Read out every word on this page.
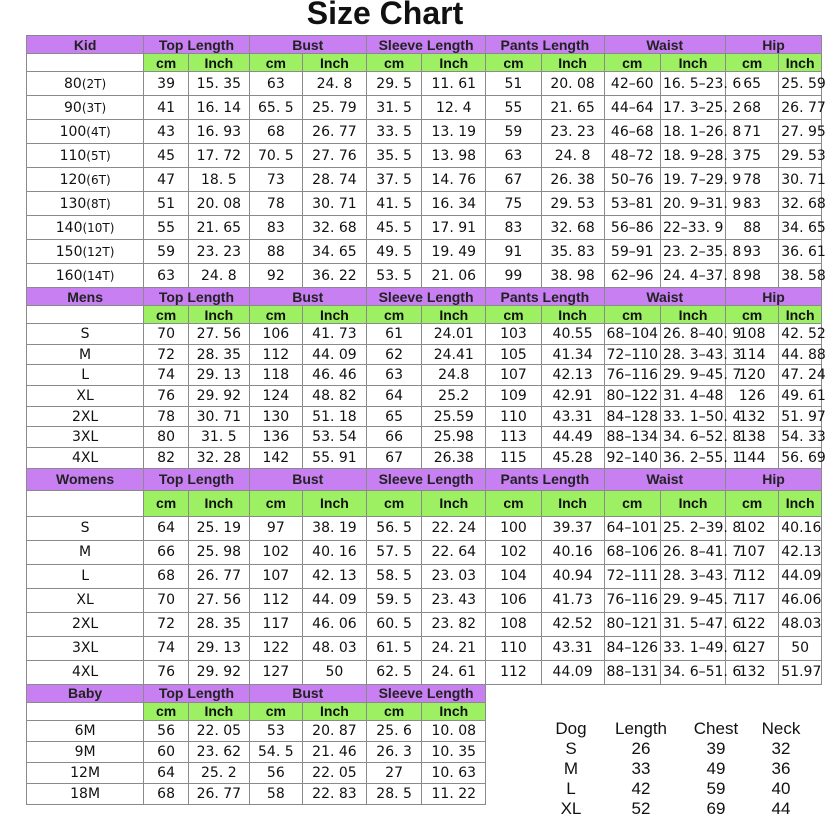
Size Chart
Kid	Top Length		Bust		Sleeve Length		Pants Length		Waist		Hip	
	cm	Inch	cm	Inch	cm	Inch	cm	Inch	cm	Inch	cm	Inch
80(2T)	39	15. 35	63	24. 8	29. 5	11. 61	51	20. 08	42–60	16. 5–23. 6	65	25. 59
90(3T)	41	16. 14	65. 5	25. 79	31. 5	12. 4	55	21. 65	44–64	17. 3–25. 2	68	26. 77
100(4T)	43	16. 93	68	26. 77	33. 5	13. 19	59	23. 23	46–68	18. 1–26. 8	71	27. 95
110(5T)	45	17. 72	70. 5	27. 76	35. 5	13. 98	63	24. 8	48–72	18. 9–28. 3	75	29. 53
120(6T)	47	18. 5	73	28. 74	37. 5	14. 76	67	26. 38	50–76	19. 7–29. 9	78	30. 71
130(8T)	51	20. 08	78	30. 71	41. 5	16. 34	75	29. 53	53–81	20. 9–31. 9	83	32. 68
140(10T)	55	21. 65	83	32. 68	45. 5	17. 91	83	32. 68	56–86	22–33. 9	88	34. 65
150(12T)	59	23. 23	88	34. 65	49. 5	19. 49	91	35. 83	59–91	23. 2–35. 8	93	36. 61
160(14T)	63	24. 8	92	36. 22	53. 5	21. 06	99	38. 98	62–96	24. 4–37. 8	98	38. 58
Mens	Top Length		Bust		Sleeve Length		Pants Length		Waist		Hip	
	cm	Inch	cm	Inch	cm	Inch	cm	Inch	cm	Inch	cm	Inch
S	70	27. 56	106	41. 73	61	24.01	103	40.55	68–104	26. 8–40. 9	108	42. 52
M	72	28. 35	112	44. 09	62	24.41	105	41.34	72–110	28. 3–43. 3	114	44. 88
L	74	29. 13	118	46. 46	63	24.8	107	42.13	76–116	29. 9–45. 7	120	47. 24
XL	76	29. 92	124	48. 82	64	25.2	109	42.91	80–122	31. 4–48	126	49. 61
2XL	78	30. 71	130	51. 18	65	25.59	110	43.31	84–128	33. 1–50. 4	132	51. 97
3XL	80	31. 5	136	53. 54	66	25.98	113	44.49	88–134	34. 6–52. 8	138	54. 33
4XL	82	32. 28	142	55. 91	67	26.38	115	45.28	92–140	36. 2–55. 1	144	56. 69
Womens	Top Length		Bust		Sleeve Length		Pants Length		Waist		Hip	
	cm	Inch	cm	Inch	cm	Inch	cm	Inch	cm	Inch	cm	Inch
S	64	25. 19	97	38. 19	56. 5	22. 24	100	39.37	64–101	25. 2–39. 8	102	40.16
M	66	25. 98	102	40. 16	57. 5	22. 64	102	40.16	68–106	26. 8–41. 7	107	42.13
L	68	26. 77	107	42. 13	58. 5	23. 03	104	40.94	72–111	28. 3–43. 7	112	44.09
XL	70	27. 56	112	44. 09	59. 5	23. 43	106	41.73	76–116	29. 9–45. 7	117	46.06
2XL	72	28. 35	117	46. 06	60. 5	23. 82	108	42.52	80–121	31. 5–47. 6	122	48.03
3XL	74	29. 13	122	48. 03	61. 5	24. 21	110	43.31	84–126	33. 1–49. 6	127	50
4XL	76	29. 92	127	50	62. 5	24. 61	112	44.09	88–131	34. 6–51. 6	132	51.97
Baby	Top Length		Bust		Sleeve Length							
	cm	Inch	cm	Inch	cm	Inch						
6M	56	22. 05	53	20. 87	25. 6	10. 08						
9M	60	23. 62	54. 5	21. 46	26. 3	10. 35						
12M	64	25. 2	56	22. 05	27	10. 63						
18M	68	26. 77	58	22. 83	28. 5	11. 22						
Dog	Length	Chest	Neck
S	26	39	32
M	33	49	36
L	42	59	40
XL	52	69	44
